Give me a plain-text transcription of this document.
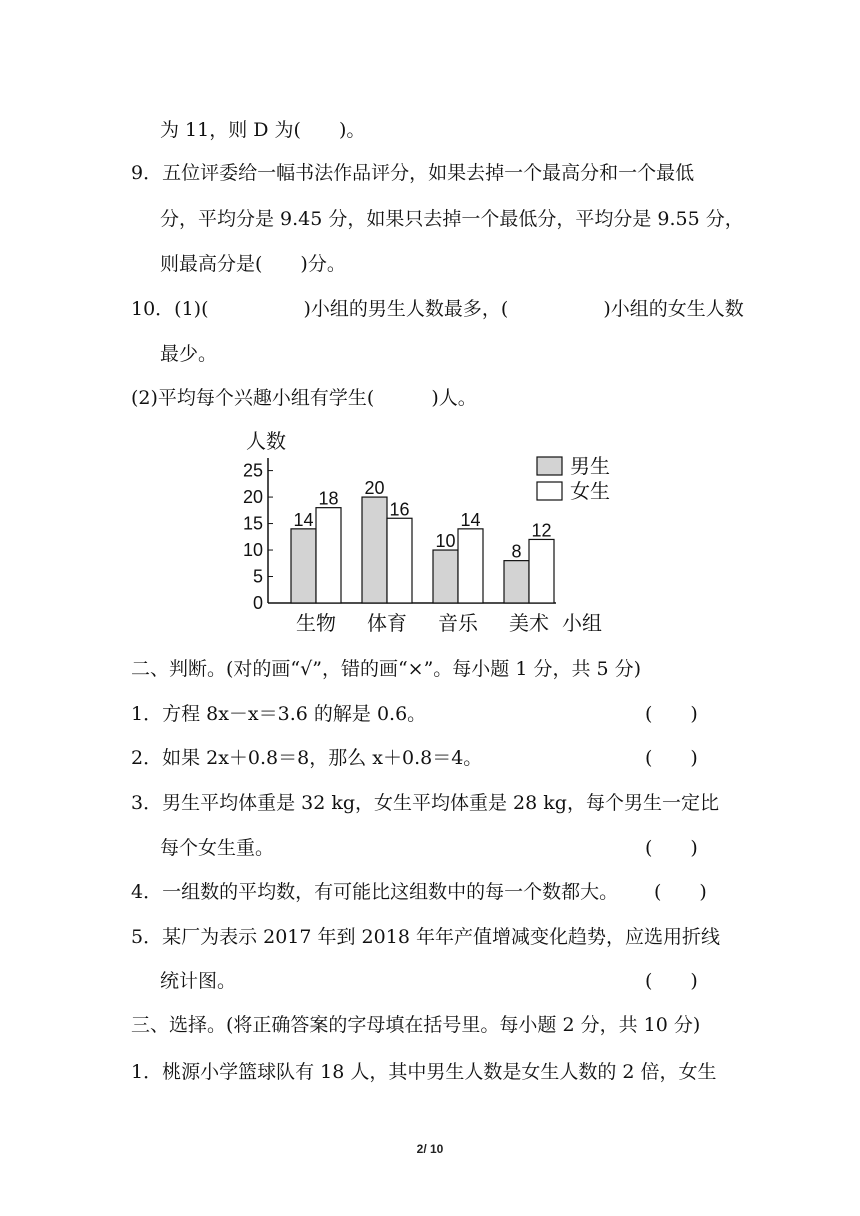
为 11，则 D 为(　　)。
9．五位评委给一幅书法作品评分，如果去掉一个最高分和一个最低
分，平均分是 9.45 分，如果只去掉一个最低分，平均分是 9.55 分，
则最高分是(　　)分。
10．(1)(　　　　　)小组的男生人数最多，(　　　　　)小组的女生人数
最少。
(2)平均每个兴趣小组有学生(　　　)人。
人数
0
5
10
15
20
25
14
18
生物
20
16
体育
10
14
音乐
8
12
美术
男生
女生
小组
二、判断。(对的画“√”，错的画“×”。每小题 1 分，共 5 分)
1．方程 8x－x＝3.6 的解是 0.6。	(　　)
2．如果 2x＋0.8＝8，那么 x＋0.8＝4。	(　　)
3．男生平均体重是 32 kg，女生平均体重是 28 kg，每个男生一定比
每个女生重。	(　　)
4．一组数的平均数，有可能比这组数中的每一个数都大。 (　　)
5．某厂为表示 2017 年到 2018 年年产值增减变化趋势，应选用折线
统计图。	(　　)
三、选择。(将正确答案的字母填在括号里。每小题 2 分，共 10 分)
1．桃源小学篮球队有 18 人，其中男生人数是女生人数的 2 倍，女生
2/ 10
